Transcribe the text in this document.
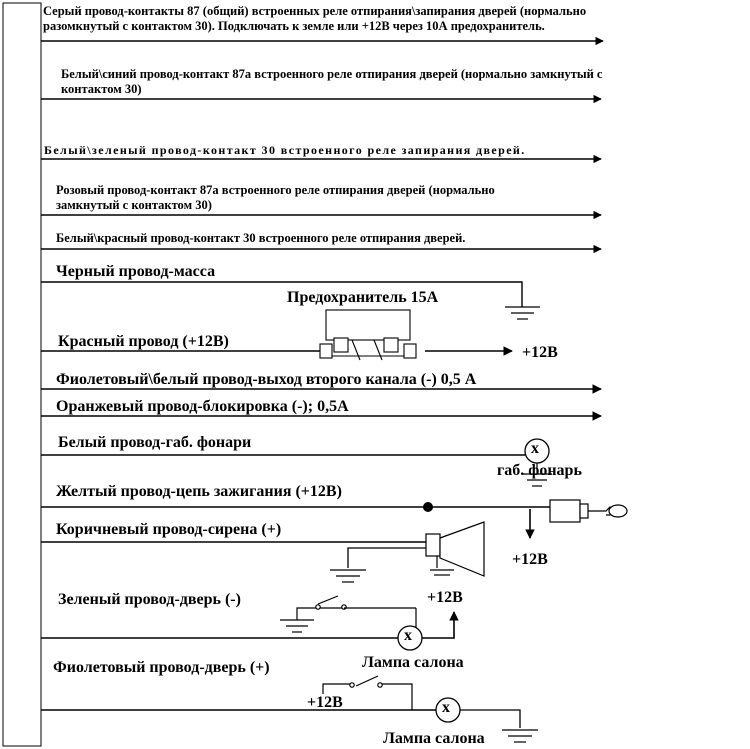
Серый провод-контакты 87 (общий) встроенных реле отпирания\запирания дверей (нормально
разомкнутый с контактом 30). Подключать к земле или +12В через 10А предохранитель.
Белый\синий провод-контакт 87а встроенного реле отпирания дверей (нормально замкнутый с
контактом 30)
Белый\зеленый провод-контакт 30 встроенного реле запирания дверей.
Розовый провод-контакт 87а встроенного реле отпирания дверей (нормально
замкнутый с контактом 30)
Белый\красный провод-контакт 30 встроенного реле отпирания дверей.
Черный провод-масса
Предохранитель 15А
Красный провод (+12В)
+12В
Фиолетовый\белый провод-выход второго канала (-) 0,5 А
Оранжевый провод-блокировка (-); 0,5А
Белый провод-габ. фонари	x
габ. фонарь
Желтый провод-цепь зажигания (+12В)
+12В
Коричневый провод-сирена (+)
Зеленый провод-дверь (-)	+12В
x
Лампа салона
Фиолетовый провод-дверь (+)
+12В	x
Лампа салона
